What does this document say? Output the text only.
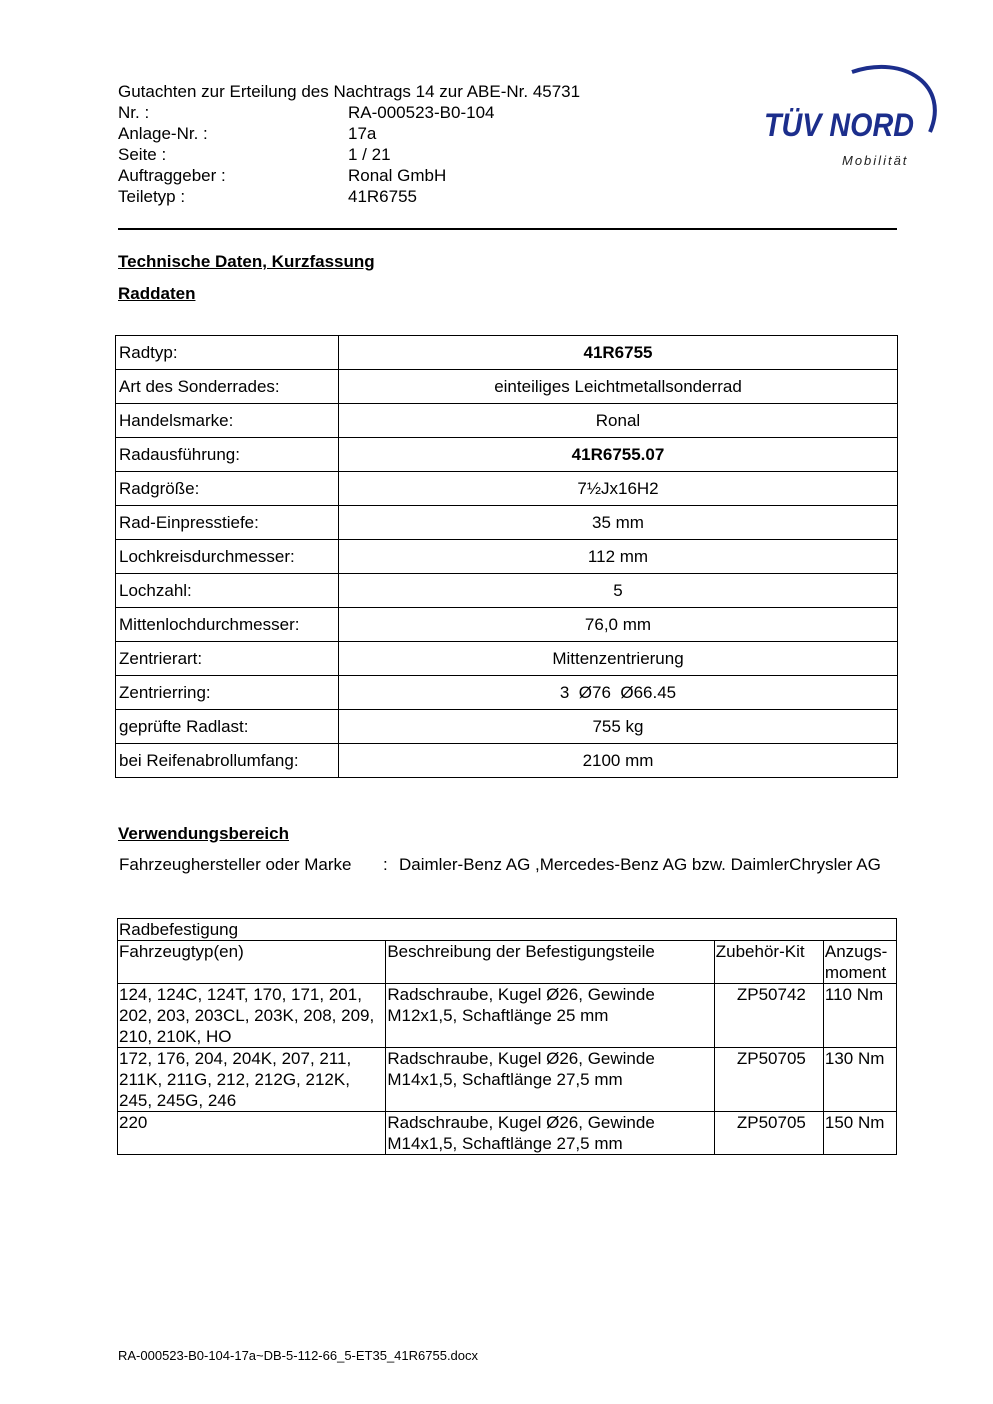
Gutachten zur Erteilung des Nachtrags 14 zur ABE-Nr. 45731
Nr. :	RA-000523-B0-104
Anlage-Nr. :	17a
Seite :	1 / 21
Auftraggeber :	Ronal GmbH
Teiletyp :	41R6755
TÜV NORD
Mobilität
Technische Daten, Kurzfassung
Raddaten
Radtyp:	41R6755
Art des Sonderrades:	einteiliges Leichtmetallsonderrad
Handelsmarke:	Ronal
Radausführung:	41R6755.07
Radgröße:	7½Jx16H2
Rad-Einpresstiefe:	35 mm
Lochkreisdurchmesser:	112 mm
Lochzahl:	5
Mittenlochdurchmesser:	76,0 mm
Zentrierart:	Mittenzentrierung
Zentrierring:	3  Ø76  Ø66.45
geprüfte Radlast:	755 kg
bei Reifenabrollumfang:	2100 mm
Verwendungsbereich
Fahrzeughersteller oder Marke	: Daimler-Benz AG ,Mercedes-Benz AG bzw. DaimlerChrysler AG
Radbefestigung			
Fahrzeugtyp(en)	Beschreibung der Befestigungsteile	Zubehör-Kit	Anzugs-moment
124, 124C, 124T, 170, 171, 201, 202, 203, 203CL, 203K, 208, 209, 210, 210K, HO	Radschraube, Kugel Ø26, Gewinde M12x1,5, Schaftlänge 25 mm	ZP50742	110 Nm
172, 176, 204, 204K, 207, 211, 211K, 211G, 212, 212G, 212K, 245, 245G, 246	Radschraube, Kugel Ø26, Gewinde M14x1,5, Schaftlänge 27,5 mm	ZP50705	130 Nm
220	Radschraube, Kugel Ø26, Gewinde M14x1,5, Schaftlänge 27,5 mm	ZP50705	150 Nm
RA-000523-B0-104-17a~DB-5-112-66_5-ET35_41R6755.docx
